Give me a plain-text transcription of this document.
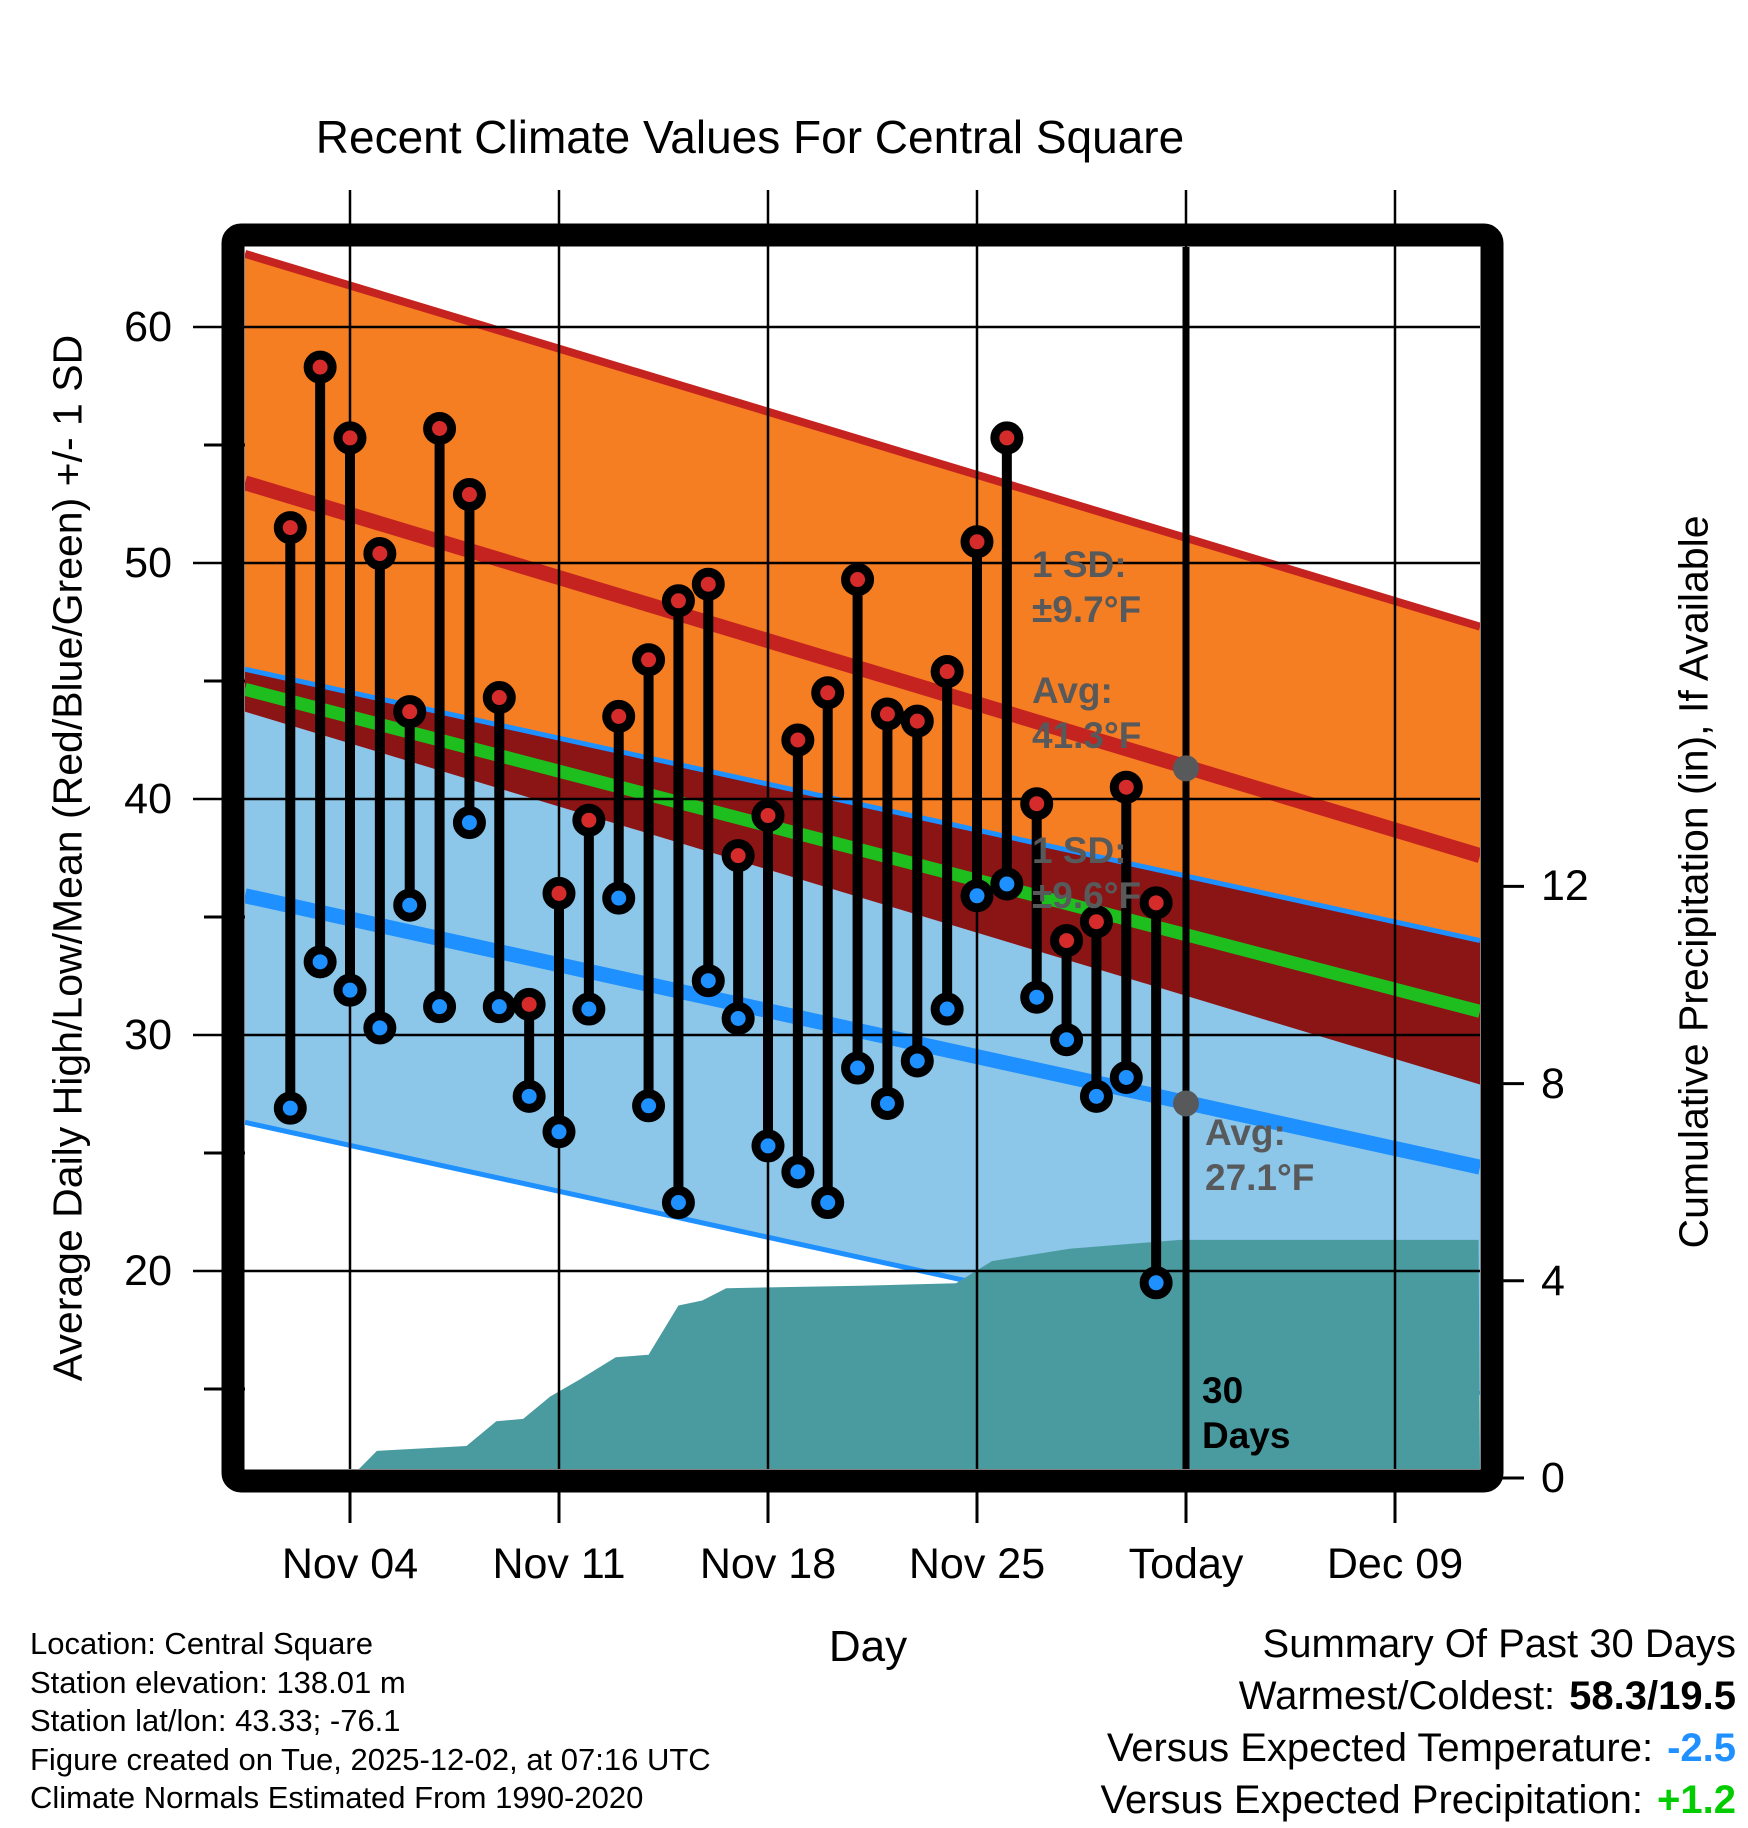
Recent Climate Values For Central Square
Average Daily High/Low/Mean (Red/Blue/Green) +/- 1 SD	Cumulative Precipitation (in), If Available
Day
Nov 04 Nov 11 Nov 18 Nov 25 Today Dec 09
60
50
40
30
20
12
8
4
0
1 SD:
±9.7°F
Avg:
41.3°F
1 SD:
±9.6°F
Avg:
27.1°F
30
Days
Location: Central Square
Station elevation: 138.01 m
Station lat/lon: 43.33; -76.1
Figure created on Tue, 2025-12-02, at 07:16 UTC
Climate Normals Estimated From 1990-2020
Summary Of Past 30 Days
Warmest/Coldest: 58.3/19.5
Versus Expected Temperature: -2.5
Versus Expected Precipitation: +1.2
